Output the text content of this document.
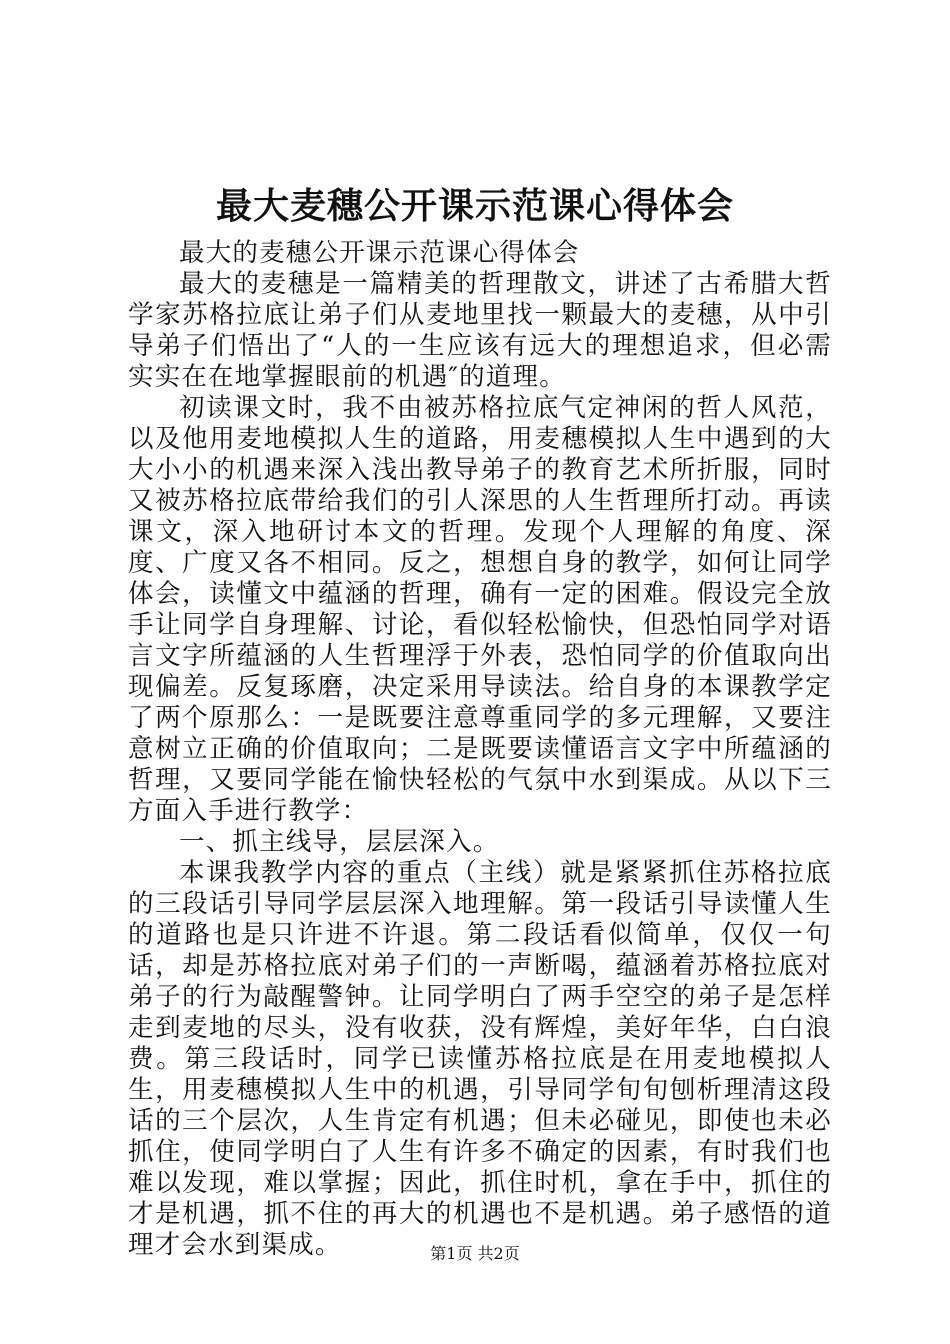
最大麦穗公开课示范课心得体会

最大的麦穗公开课示范课心得体会

最大的麦穗是一篇精美的哲理散文，讲述了古希腊大哲学家苏格拉底让弟子们从麦地里找一颗最大的麦穗，从中引导弟子们悟出了“人的一生应该有远大的理想追求，但必需实实在在地掌握眼前的机遇″的道理。

初读课文时，我不由被苏格拉底气定神闲的哲人风范，以及他用麦地模拟人生的道路，用麦穗模拟人生中遇到的大大小小的机遇来深入浅出教导弟子的教育艺术所折服，同时又被苏格拉底带给我们的引人深思的人生哲理所打动。再读课文，深入地研讨本文的哲理。发现个人理解的角度、深度、广度又各不相同。反之，想想自身的教学，如何让同学体会，读懂文中蕴涵的哲理，确有一定的困难。假设完全放手让同学自身理解、讨论，看似轻松愉快，但恐怕同学对语言文字所蕴涵的人生哲理浮于外表，恐怕同学的价值取向出现偏差。反复琢磨，决定采用导读法。给自身的本课教学定了两个原那么：一是既要注意尊重同学的多元理解，又要注意树立正确的价值取向；二是既要读懂语言文字中所蕴涵的哲理，又要同学能在愉快轻松的气氛中水到渠成。从以下三方面入手进行教学：

一、抓主线导，层层深入。

本课我教学内容的重点（主线）就是紧紧抓住苏格拉底的三段话引导同学层层深入地理解。第一段话引导读懂人生的道路也是只许进不许退。第二段话看似简单，仅仅一句话，却是苏格拉底对弟子们的一声断喝，蕴涵着苏格拉底对弟子的行为敲醒警钟。让同学明白了两手空空的弟子是怎样走到麦地的尽头，没有收获，没有辉煌，美好年华，白白浪费。第三段话时，同学已读懂苏格拉底是在用麦地模拟人生，用麦穗模拟人生中的机遇，引导同学旬旬刨析理清这段话的三个层次，人生肯定有机遇；但未必碰见，即使也未必抓住，使同学明白了人生有许多不确定的因素，有时我们也难以发现，难以掌握；因此，抓住时机，拿在手中，抓住的才是机遇，抓不住的再大的机遇也不是机遇。弟子感悟的道理才会水到渠成。	第1页 共2页
